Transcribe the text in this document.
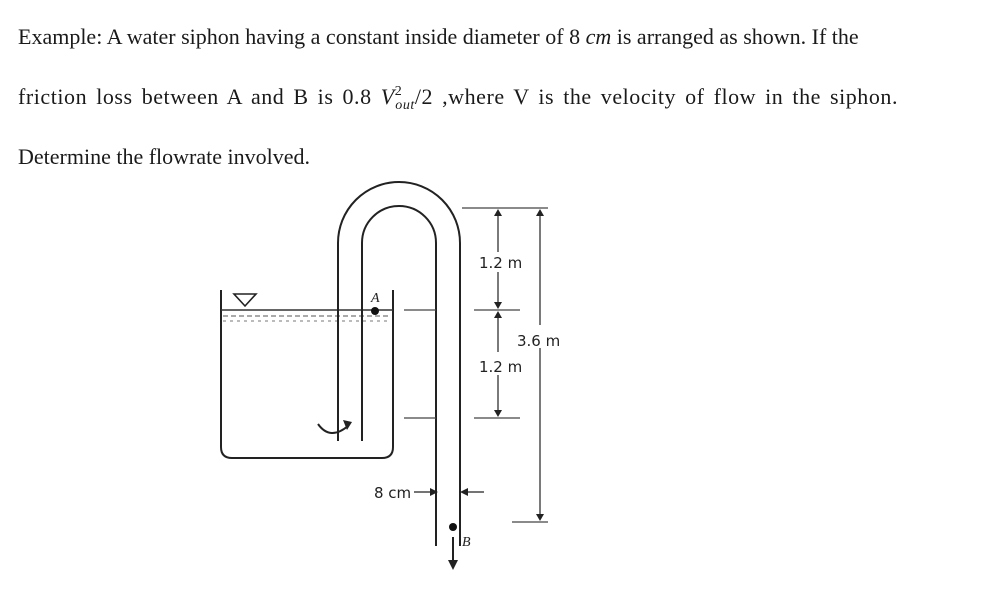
Example: A water siphon having a constant inside diameter of 8 cm is arranged as shown. If the
friction loss between A and B is 0.8 $V^2_{out}/2$ ,where V is the velocity of flow in the siphon.
Determine the flowrate involved.
A
B
1.2 m
1.2 m
3.6 m
8 cm
